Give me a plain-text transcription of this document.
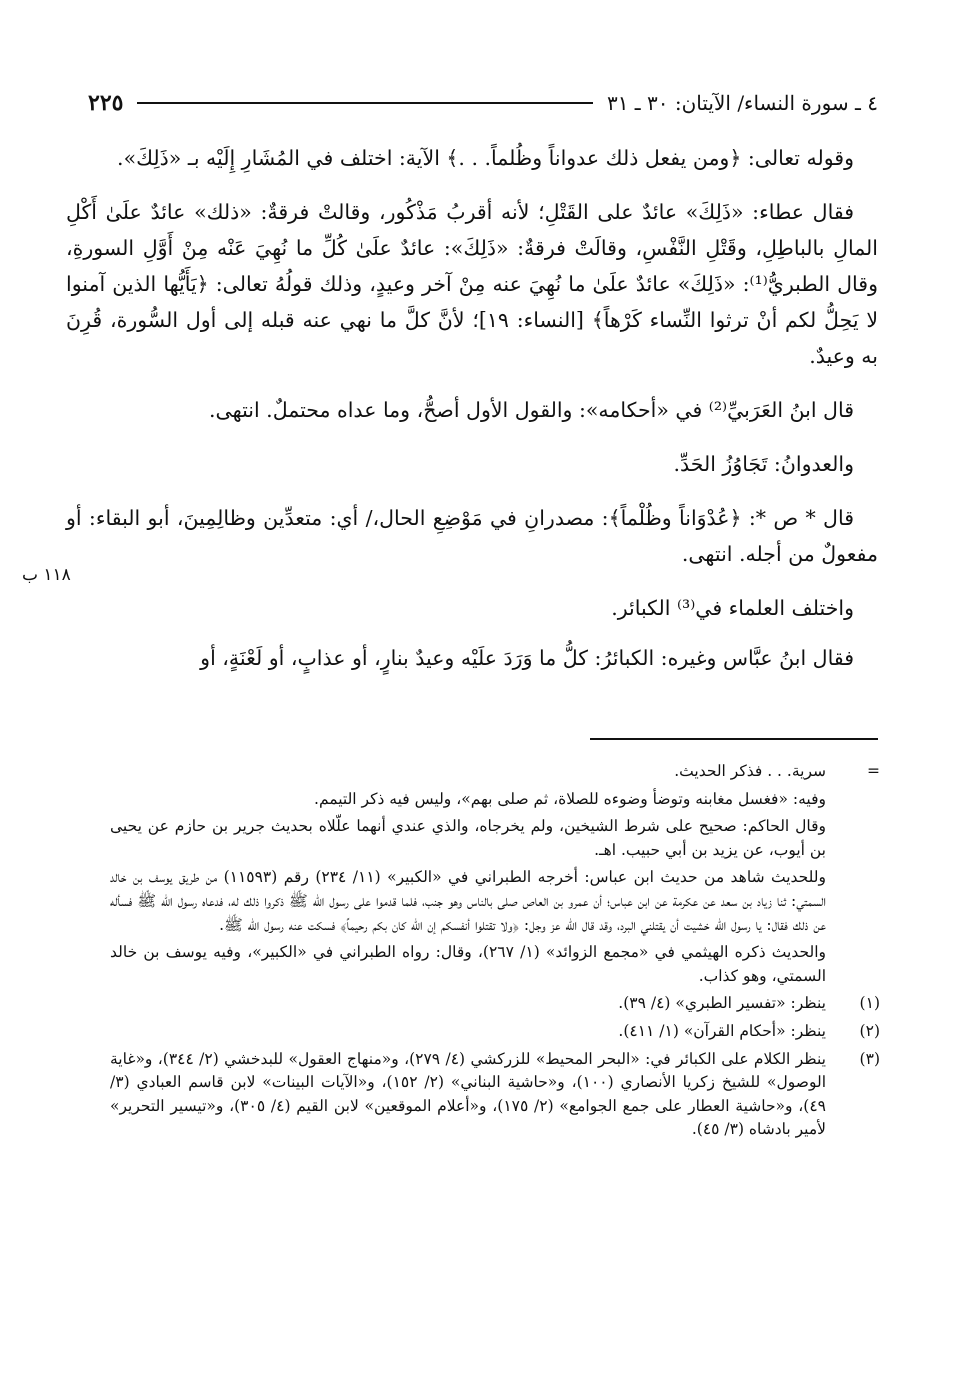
٢٢٥	٤ ـ سورة النساء/ الآيتان: ٣٠ ـ ٣١

وقوله تعالى: ﴿ومن يفعل ذلك عدواناً وظُلماً. . .﴾ الآية: اختلف في المُشَارِ إِلَيْه بـ «ذَلِكَ».

فقال عطاء: «ذَلِكَ» عائدٌ على القَتْلِ؛ لأنه أقربُ مَذْكُور، وقالتْ فرقةٌ: «ذلك» عائدٌ علَىٰ أَكْلِ المالِ بالباطِلِ، وقَتْلِ النَّفْسِ، وقالَتْ فرقةٌ: «ذَلِكَ»: عائدٌ علَىٰ كُلِّ ما نُهِيَ عَنْه مِنْ أَوَّلِ السورةِ، وقال الطبريُّ⁽¹⁾: «ذَلِكَ» عائدٌ علَىٰ ما نُهِيَ عنه مِنْ آخر وعيدٍ، وذلك قولُهُ تعالى: ﴿يَأَيُّها الذين آمنوا لا يَحِلُّ لكم أنْ ترثوا النِّساء كَرْهاً﴾ [النساء: ١٩]؛ لأنَّ كلَّ ما نهي عنه قبله إلى أول السُّورة، قُرِنَ به وعيدٌ.

قال ابنُ العَرَبيِّ⁽²⁾ في «أحكامه»: والقول الأول أصحُّ، وما عداه محتملٌ. انتهى.

والعدوانُ: تَجَاوُزُ الحَدِّ.

قال * ص *: ﴿عُدْوَاناً وظُلْماً﴾: مصدرانِ في مَوْضِعِ الحال،/ أي: متعدِّين وظالِمِينَ، أبو البقاء: أو مفعولٌ من أجله. انتهى.

واختلف العلماء في⁽³⁾ الكبائر.

فقال ابنُ عبَّاس وغيره: الكبائرُ: كلُّ ما وَرَدَ علَيْه وعيدٌ بنارٍ، أو عذابٍ، أو لَعْنَةٍ، أو

١١٨ ب
=

سرية. . . فذكر الحديث.

وفيه: «فغسل مغابنه وتوضأ وضوءه للصلاة، ثم صلى بهم»، وليس فيه ذكر التيمم.

وقال الحاكم: صحيح على شرط الشيخين، ولم يخرجاه، والذي عندي أنهما علّلاه بحديث جرير بن حازم عن يحيى بن أيوب، عن يزيد بن أبي حبيب. اهـ.

وللحديث شاهد من حديث ابن عباس: أخرجه الطبراني في «الكبير» (١١/ ٢٣٤) رقم (١١٥٩٣) من طريق يوسف بن خالد السمتي: ثنا زياد بن سعد عن عكرمة عن ابن عباس؛ أن عمرو بن العاص صلى بالناس وهو جنب، فلما قدموا على رسول الله ﷺ ذكروا ذلك له، فدعاه رسول الله ﷺ فسأله عن ذلك فقال: يا رسول الله خشيت أن يقتلني البرد، وقد قال الله عز وجل: ﴿ولا تقتلوا أنفسكم إن الله كان بكم رحيماً﴾ فسكت عنه رسول الله ﷺ.

والحديث ذكره الهيثمي في «مجمع الزوائد» (١/ ٢٦٧)، وقال: رواه الطبراني في «الكبير»، وفيه يوسف بن خالد السمتي، وهو كذاب.

(١)
ينظر: «تفسير الطبري» (٤/ ٣٩).
(٢)
ينظر: «أحكام القرآن» (١/ ٤١١).
(٣)
ينظر الكلام على الكبائر في: «البحر المحيط» للزركشي (٤/ ٢٧٩)، و«منهاج العقول» للبدخشي (٢/ ٣٤٤)، و«غاية الوصول» للشيخ زكريا الأنصاري (١٠٠)، و«حاشية البناني» (٢/ ١٥٢)، و«الآيات البينات» لابن قاسم العبادي (٣/ ٤٩)، و«حاشية العطار على جمع الجوامع» (٢/ ١٧٥)، و«أعلام الموقعين» لابن القيم (٤/ ٣٠٥)، و«تيسير التحرير» لأمير بادشاه (٣/ ٤٥).
